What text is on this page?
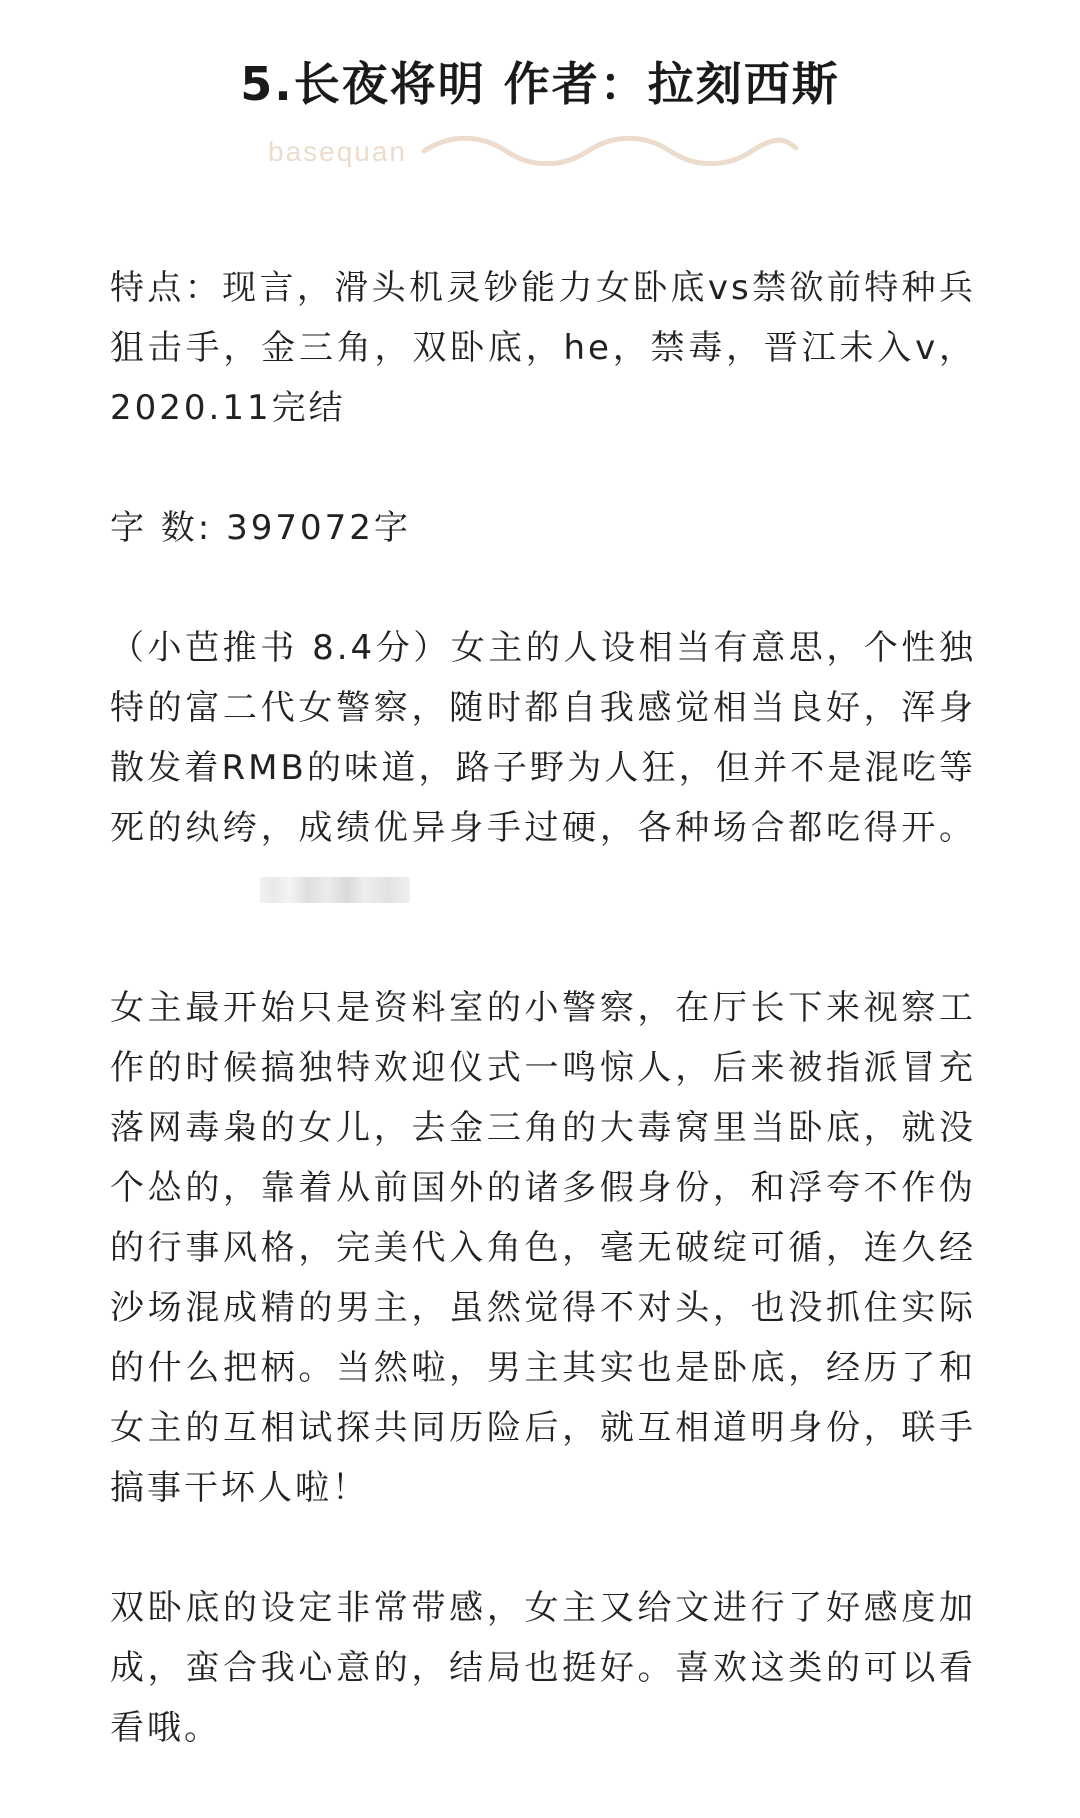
5.长夜将明 作者：拉刻西斯
basequan

特点：现言，滑头机灵钞能力女卧底vs禁欲前特种兵狙击手，金三角，双卧底，he，禁毒，晋江未入v，2020.11完结

字 数: 397072字

（小芭推书 8.4分）女主的人设相当有意思，个性独特的富二代女警察，随时都自我感觉相当良好，浑身散发着RMB的味道，路子野为人狂，但并不是混吃等死的纨绔，成绩优异身手过硬，各种场合都吃得开。

女主最开始只是资料室的小警察，在厅长下来视察工作的时候搞独特欢迎仪式一鸣惊人，后来被指派冒充落网毒枭的女儿，去金三角的大毒窝里当卧底，就没个怂的，靠着从前国外的诸多假身份，和浮夸不作伪的行事风格，完美代入角色，毫无破绽可循，连久经沙场混成精的男主，虽然觉得不对头，也没抓住实际的什么把柄。当然啦，男主其实也是卧底，经历了和女主的互相试探共同历险后，就互相道明身份，联手搞事干坏人啦！

双卧底的设定非常带感，女主又给文进行了好感度加成，蛮合我心意的，结局也挺好。喜欢这类的可以看看哦。
